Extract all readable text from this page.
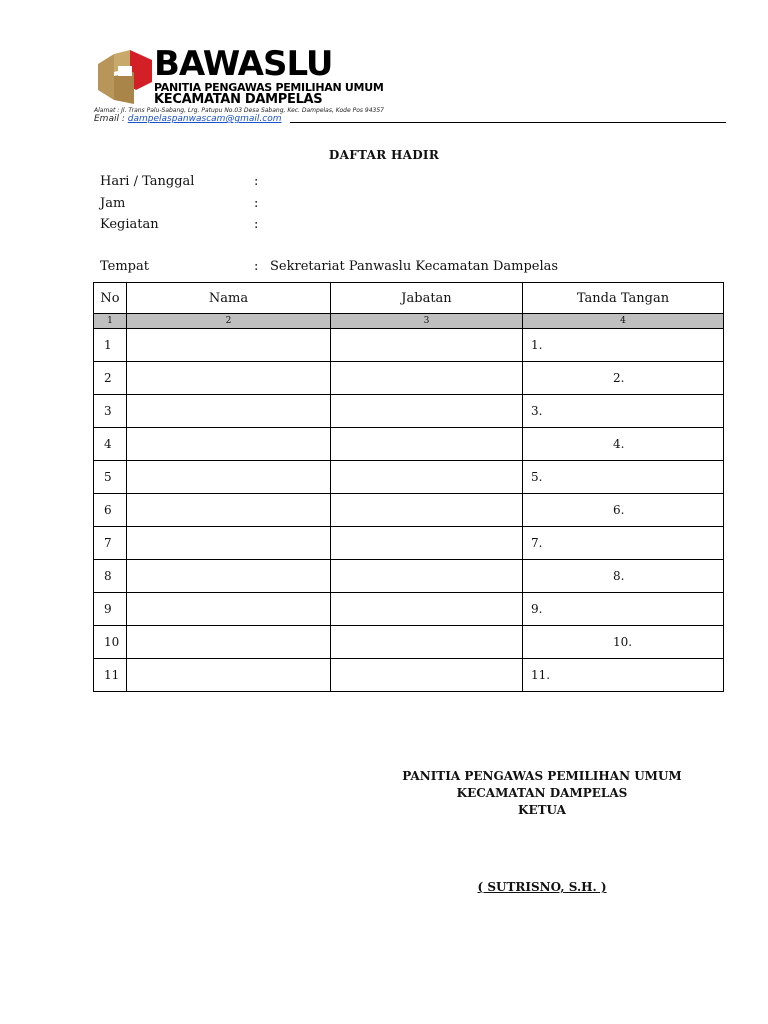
BAWASLU
PANITIA PENGAWAS PEMILIHAN UMUM
KECAMATAN DAMPELAS
Alamat : Jl. Trans Palu-Sabang, Lrg. Patupu No.03 Desa Sabang, Kec. Dampelas, Kode Pos 94357
Email : dampelaspanwascam@gmail.com
DAFTAR HADIR
Hari / Tanggal	:
Jam	:
Kegiatan	:
Tempat	: Sekretariat Panwaslu Kecamatan Dampelas
No	Nama	Jabatan	Tanda Tangan
1	2	3	4
1			1.
2			2.
3			3.
4			4.
5			5.
6			6.
7			7.
8			8.
9			9.
10			10.
11			11.
PANITIA PENGAWAS PEMILIHAN UMUM
KECAMATAN DAMPELAS
KETUA
( SUTRISNO, S.H. )
